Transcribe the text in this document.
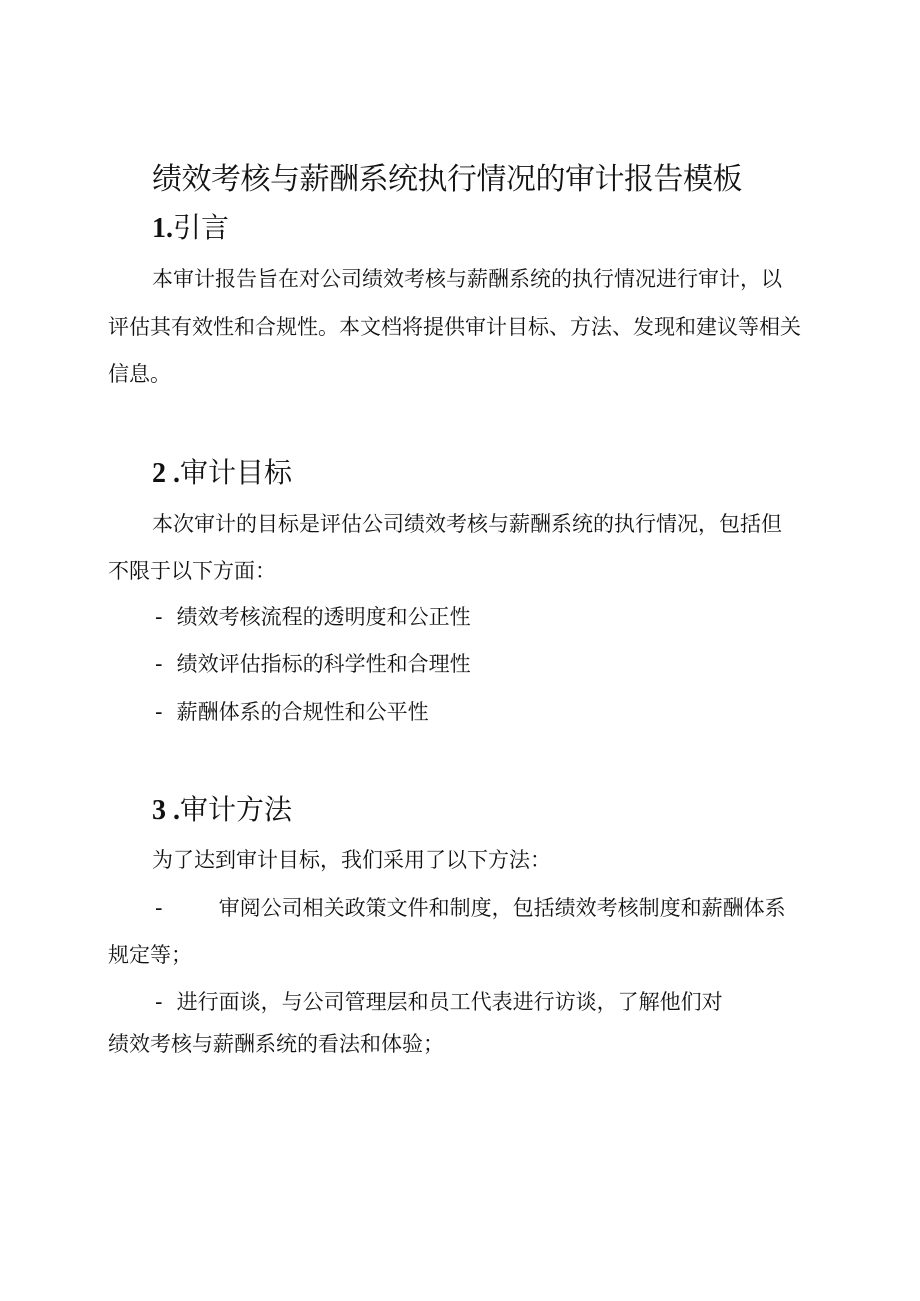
绩效考核与薪酬系统执行情况的审计报告模板
1.引言
本审计报告旨在对公司绩效考核与薪酬系统的执行情况进行审计，以
评估其有效性和合规性。本文档将提供审计目标、方法、发现和建议等相关
信息。
2 .审计目标
本次审计的目标是评估公司绩效考核与薪酬系统的执行情况，包括但
不限于以下方面：
- 绩效考核流程的透明度和公正性
- 绩效评估指标的科学性和合理性
- 薪酬体系的合规性和公平性
3 .审计方法
为了达到审计目标，我们采用了以下方法：
-	审阅公司相关政策文件和制度，包括绩效考核制度和薪酬体系
规定等；
- 进行面谈，与公司管理层和员工代表进行访谈，了解他们对
绩效考核与薪酬系统的看法和体验；
